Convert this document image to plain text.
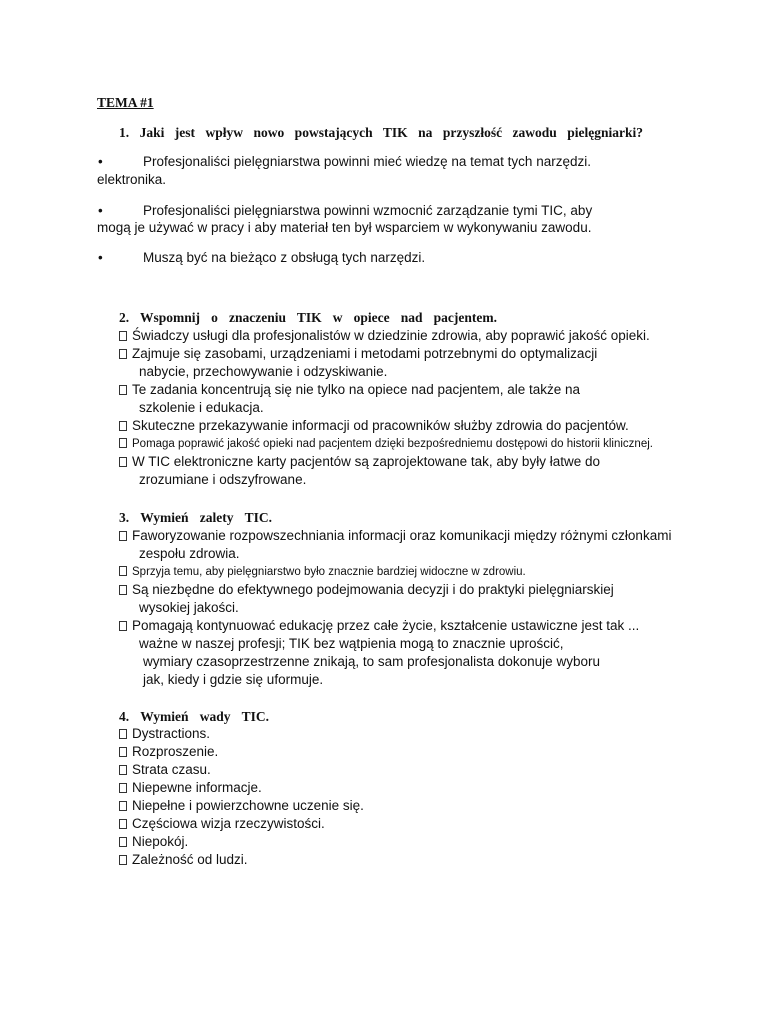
TEMA #1
1. Jaki jest wpływ nowo powstających TIK na przyszłość zawodu pielęgniarki?
•	Profesjonaliści pielęgniarstwa powinni mieć wiedzę na temat tych narzędzi.
elektronika.
•	Profesjonaliści pielęgniarstwa powinni wzmocnić zarządzanie tymi TIC, aby
mogą je używać w pracy i aby materiał ten był wsparciem w wykonywaniu zawodu.
•	Muszą być na bieżąco z obsługą tych narzędzi.
2. Wspomnij o znaczeniu TIK w opiece nad pacjentem.
Świadczy usługi dla profesjonalistów w dziedzinie zdrowia, aby poprawić jakość opieki.
Zajmuje się zasobami, urządzeniami i metodami potrzebnymi do optymalizacji
nabycie, przechowywanie i odzyskiwanie.
Te zadania koncentrują się nie tylko na opiece nad pacjentem, ale także na
szkolenie i edukacja.
Skuteczne przekazywanie informacji od pracowników służby zdrowia do pacjentów.
Pomaga poprawić jakość opieki nad pacjentem dzięki bezpośredniemu dostępowi do historii klinicznej.
W TIC elektroniczne karty pacjentów są zaprojektowane tak, aby były łatwe do
zrozumiane i odszyfrowane.
3. Wymień zalety TIC.
Faworyzowanie rozpowszechniania informacji oraz komunikacji między różnymi członkami
zespołu zdrowia.
Sprzyja temu, aby pielęgniarstwo było znacznie bardziej widoczne w zdrowiu.
Są niezbędne do efektywnego podejmowania decyzji i do praktyki pielęgniarskiej
wysokiej jakości.
Pomagają kontynuować edukację przez całe życie, kształcenie ustawiczne jest tak ...
ważne w naszej profesji; TIK bez wątpienia mogą to znacznie uprościć,
wymiary czasoprzestrzenne znikają, to sam profesjonalista dokonuje wyboru
jak, kiedy i gdzie się uformuje.
4. Wymień wady TIC.
Dystractions.
Rozproszenie.
Strata czasu.
Niepewne informacje.
Niepełne i powierzchowne uczenie się.
Częściowa wizja rzeczywistości.
Niepokój.
Zależność od ludzi.
